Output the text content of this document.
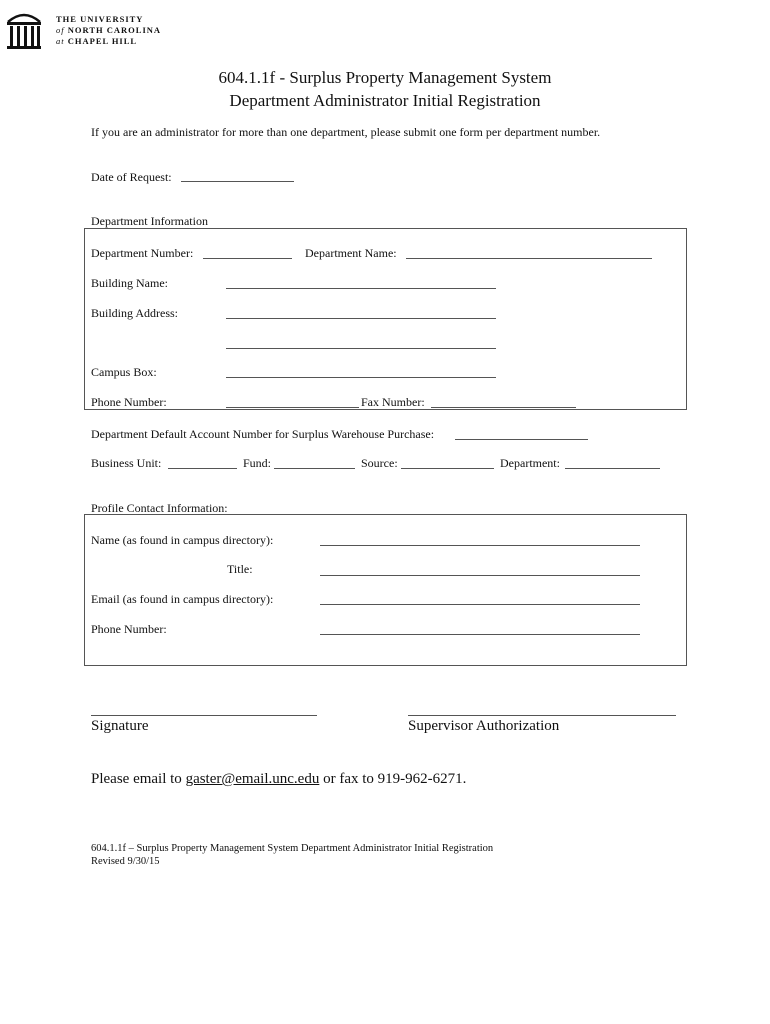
THE UNIVERSITY
of NORTH CAROLINA
at CHAPEL HILL
604.1.1f - Surplus Property Management System
Department Administrator Initial Registration
If you are an administrator for more than one department, please submit one form per department number.
Date of Request:
Department Information
Department Number:	Department Name:
Building Name:
Building Address:
Campus Box:
Phone Number:	Fax Number:
Department Default Account Number for Surplus Warehouse Purchase:
Business Unit:	Fund:	Source:	Department:
Profile Contact Information:
Name (as found in campus directory):
Title:
Email (as found in campus directory):
Phone Number:
Signature	Supervisor Authorization
Please email to gaster@email.unc.edu or fax to 919-962-6271.
604.1.1f – Surplus Property Management System Department Administrator Initial Registration
Revised 9/30/15
